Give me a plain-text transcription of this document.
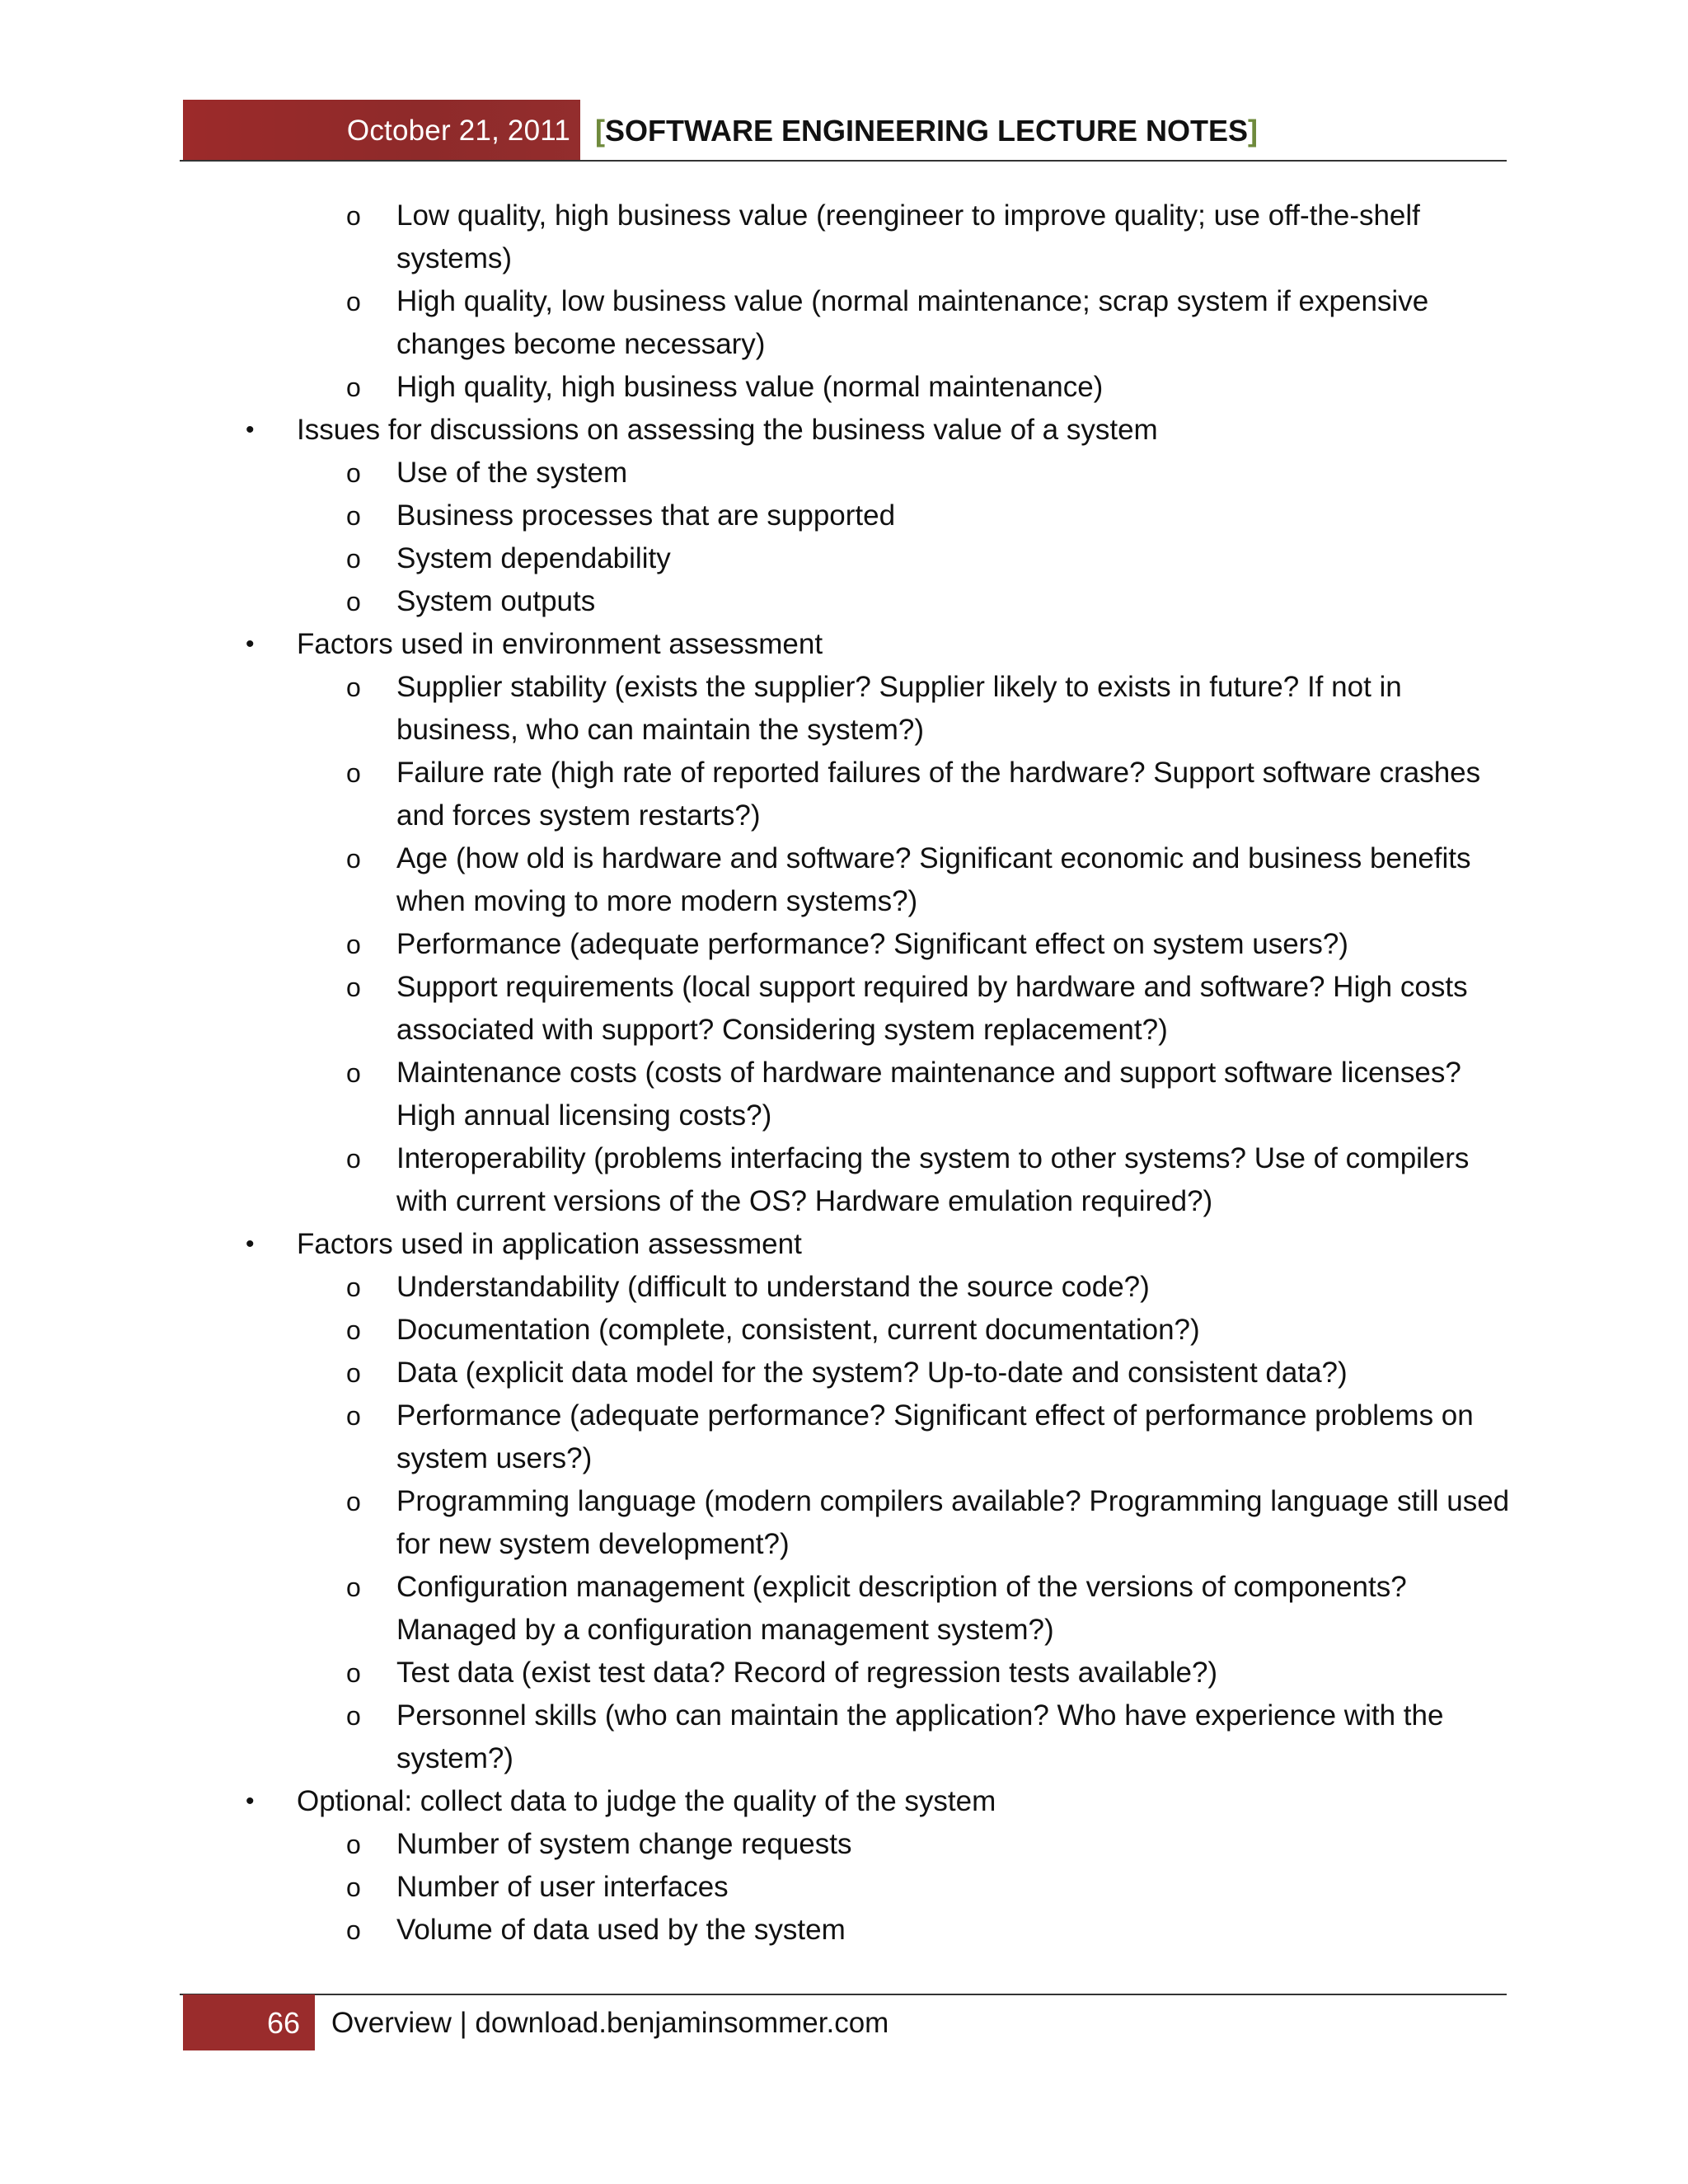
October 21, 2011 [SOFTWARE ENGINEERING LECTURE NOTES]
o Low quality, high business value (reengineer to improve quality; use off-the-shelf systems)
o High quality, low business value (normal maintenance; scrap system if expensive changes become necessary)
o High quality, high business value (normal maintenance)
• Issues for discussions on assessing the business value of a system
o Use of the system
o Business processes that are supported
o System dependability
o System outputs
• Factors used in environment assessment
o Supplier stability (exists the supplier? Supplier likely to exists in future? If not in business, who can maintain the system?)
o Failure rate (high rate of reported failures of the hardware? Support software crashes and forces system restarts?)
o Age (how old is hardware and software? Significant economic and business benefits when moving to more modern systems?)
o Performance (adequate performance? Significant effect on system users?)
o Support requirements (local support required by hardware and software? High costs associated with support? Considering system replacement?)
o Maintenance costs (costs of hardware maintenance and support software licenses? High annual licensing costs?)
o Interoperability (problems interfacing the system to other systems? Use of compilers with current versions of the OS? Hardware emulation required?)
• Factors used in application assessment
o Understandability (difficult to understand the source code?)
o Documentation (complete, consistent, current documentation?)
o Data (explicit data model for the system? Up-to-date and consistent data?)
o Performance (adequate performance? Significant effect of performance problems on system users?)
o Programming language (modern compilers available? Programming language still used for new system development?)
o Configuration management (explicit description of the versions of components? Managed by a configuration management system?)
o Test data (exist test data? Record of regression tests available?)
o Personnel skills (who can maintain the application? Who have experience with the system?)
• Optional: collect data to judge the quality of the system
o Number of system change requests
o Number of user interfaces
o Volume of data used by the system
66 Overview | download.benjaminsommer.com
